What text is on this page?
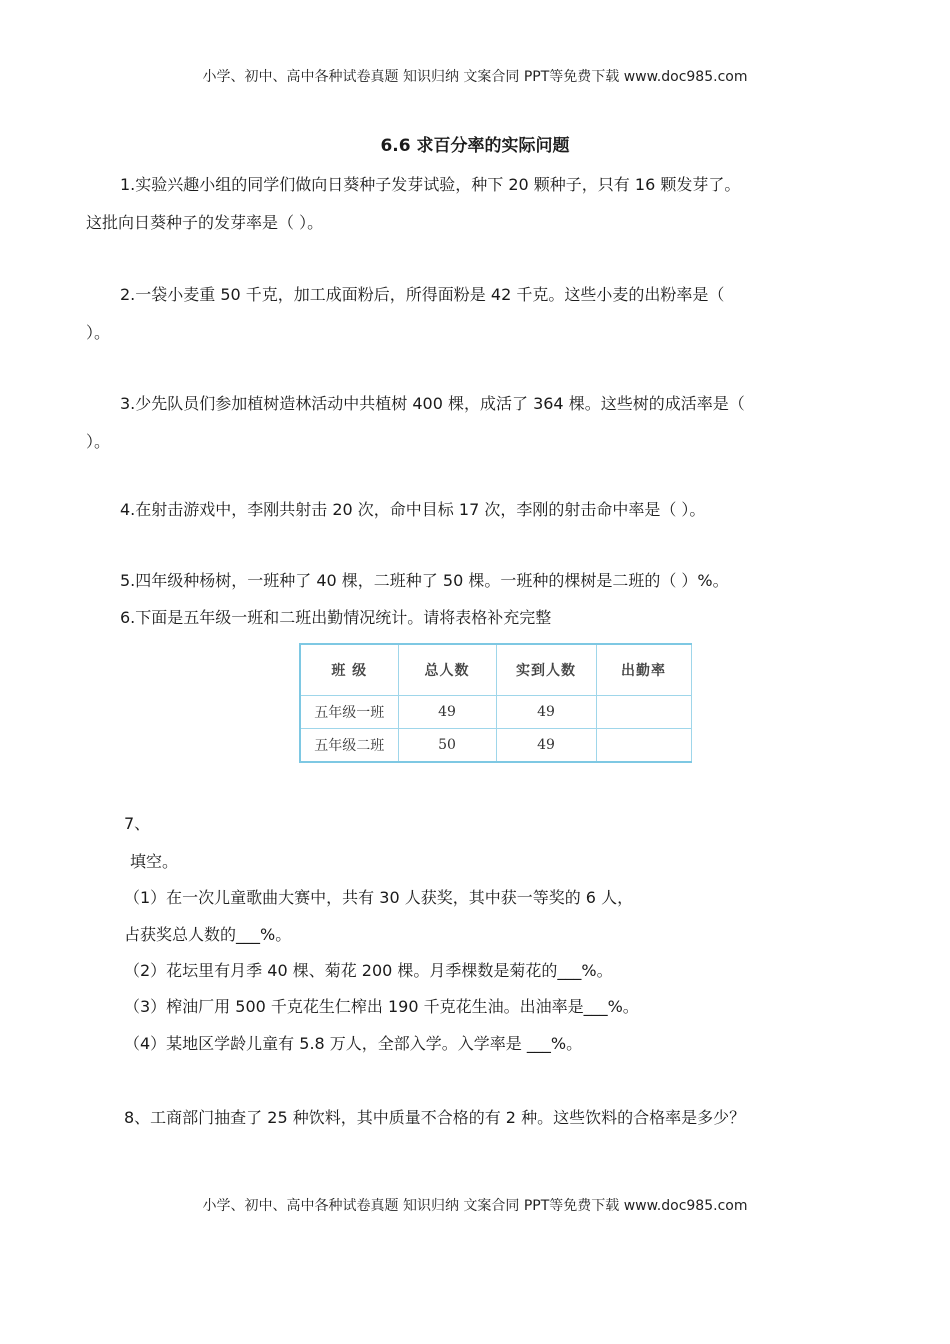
小学、初中、高中各种试卷真题 知识归纳 文案合同 PPT等免费下载 www.doc985.com
6.6 求百分率的实际问题
1.实验兴趣小组的同学们做向日葵种子发芽试验，种下 20 颗种子，只有 16 颗发芽了。
这批向日葵种子的发芽率是（ ）。
2.一袋小麦重 50 千克，加工成面粉后，所得面粉是 42 千克。这些小麦的出粉率是（
）。
3.少先队员们参加植树造林活动中共植树 400 棵，成活了 364 棵。这些树的成活率是（
）。
4.在射击游戏中，李刚共射击 20 次，命中目标 17 次，李刚的射击命中率是（ ）。
5.四年级种杨树，一班种了 40 棵，二班种了 50 棵。一班种的棵树是二班的（ ）%。
6.下面是五年级一班和二班出勤情况统计。请将表格补充完整
班 级	总人数	实到人数	出勤率
五年级一班	49	49	
五年级二班	50	49	
7、
填空。
（1）在一次儿童歌曲大赛中，共有 30 人获奖，其中获一等奖的 6 人，
占获奖总人数的___%。
（2）花坛里有月季 40 棵、菊花 200 棵。月季棵数是菊花的___%。
（3）榨油厂用 500 千克花生仁榨出 190 千克花生油。出油率是___%。
（4）某地区学龄儿童有 5.8 万人，全部入学。入学率是 ___%。
8、工商部门抽查了 25 种饮料，其中质量不合格的有 2 种。这些饮料的合格率是多少？
小学、初中、高中各种试卷真题 知识归纳 文案合同 PPT等免费下载 www.doc985.com
